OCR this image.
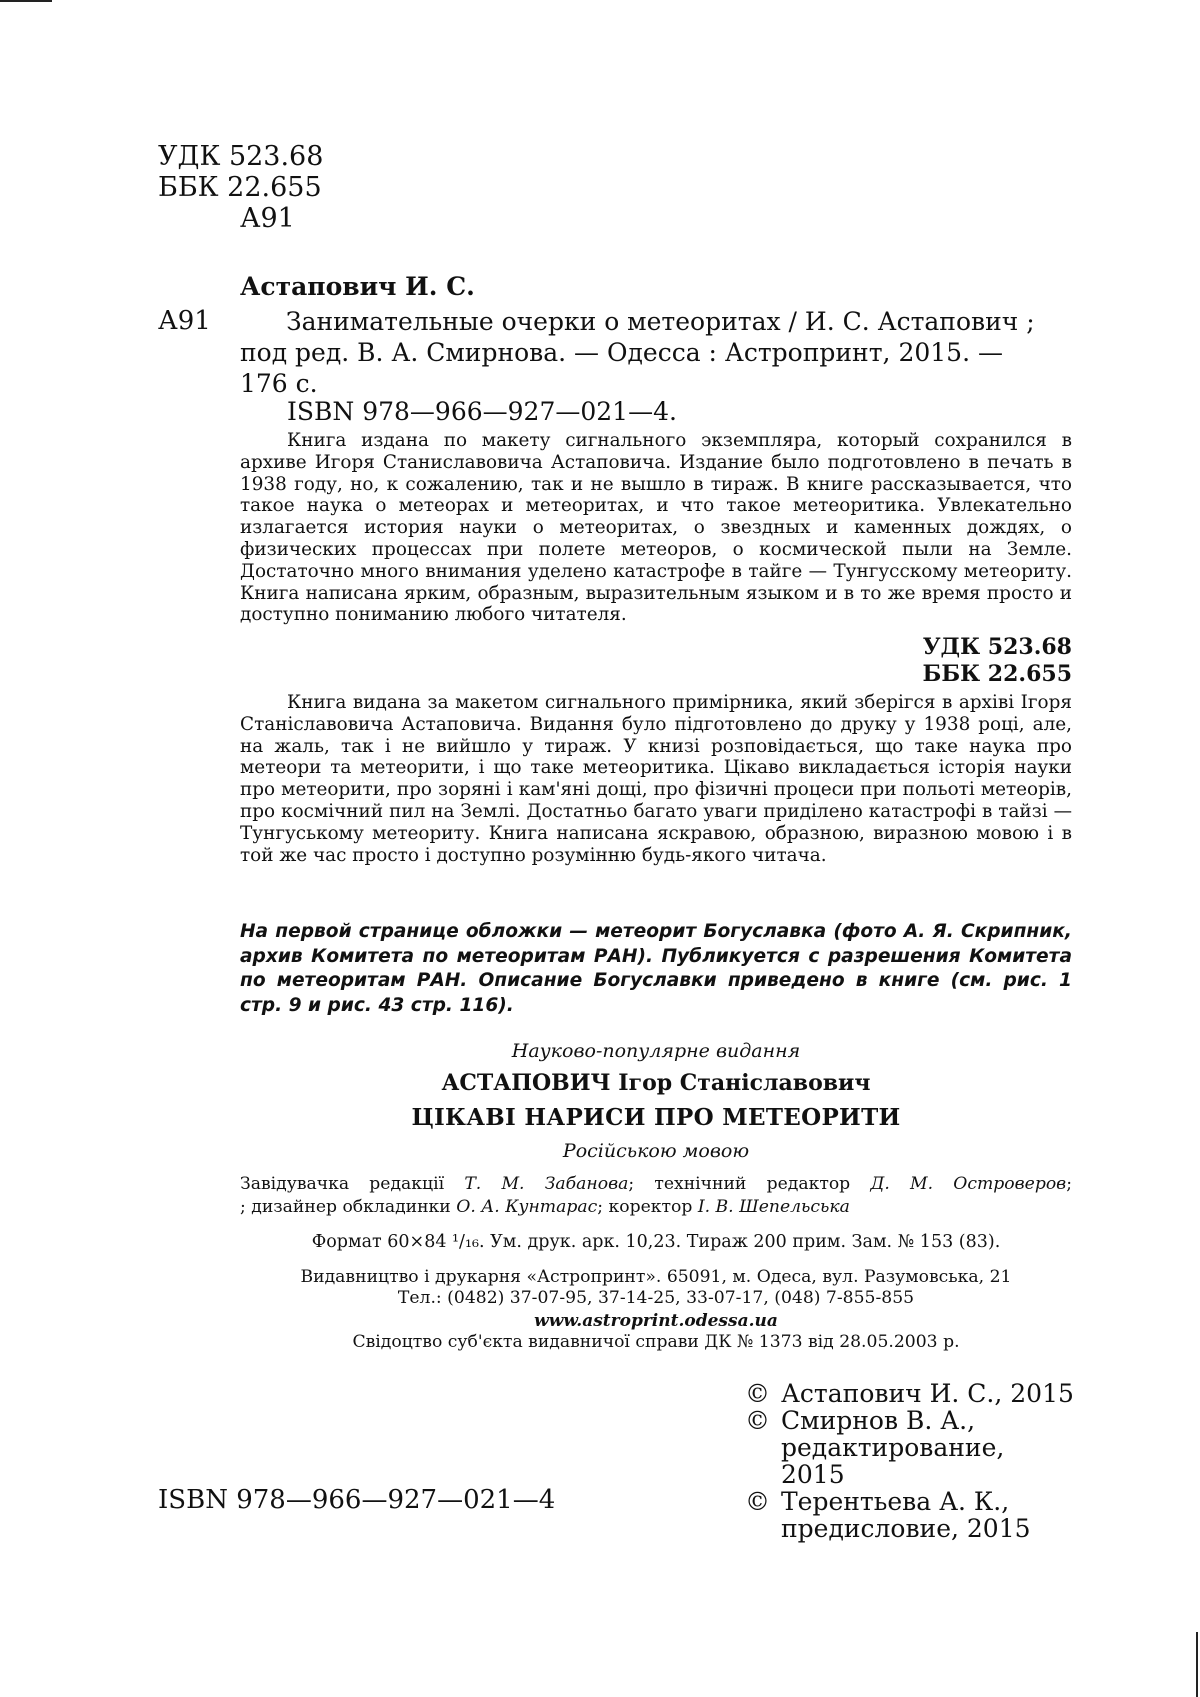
УДК 523.68
ББК 22.655
А91
Астапович И. С.
А91	Занимательные очерки о метеоритах / И. С. Астапович ;
под ред. В. А. Смирнова. — Одесса : Астропринт, 2015. —
176 с.
ISBN 978—966—927—021—4.

Книга издана по макету сигнального экземпляра, который сохранился в архиве Игоря Станиславовича Астаповича. Издание было подготовлено в печать в 1938 году, но, к сожалению, так и не вышло в тираж. В книге рассказывается, что такое наука о метеорах и метеоритах, и что такое метеоритика. Увлекательно излагается история науки о метеоритах, о звездных и каменных дождях, о физических процессах при полете метеоров, о космической пыли на Земле. Достаточно много внимания уделено катастрофе в тайге — Тунгусскому метеориту. Книга написана ярким, образным, выразительным языком и в то же время просто и доступно пониманию любого читателя.

УДК 523.68
ББК 22.655

Книга видана за макетом сигнального примірника, який зберігся в архіві Ігоря Станіславовича Астаповича. Видання було підготовлено до друку у 1938 році, але, на жаль, так і не вийшло у тираж. У книзі розповідається, що таке наука про метеори та метеорити, і що таке метеоритика. Цікаво викладається історія науки про метеорити, про зоряні і кам'яні дощі, про фізичні процеси при польоті метеорів, про космічний пил на Землі. Достатньо багато уваги приділено катастрофі в тайзі — Тунгуському метеориту. Книга написана яскравою, образною, виразною мовою і в той же час просто і доступно розумінню будь-якого читача.

На первой странице обложки — метеорит Богуславка (фото А. Я. Скрипник, архив Комитета по метеоритам РАН). Публикуется с разрешения Комитета по метеоритам РАН. Описание Богуславки приведено в книге (см. рис. 1 стр. 9 и рис. 43 стр. 116).

Науково-популярне видання
АСТАПОВИЧ Ігор Станіславович
ЦІКАВІ НАРИСИ ПРО МЕТЕОРИТИ
Російською мовою
Завідувачка редакції Т. М. Забанова; технічний редактор Д. М. Островеров;
; дизайнер обкладинки О. А. Кунтарас; коректор І. В. Шепельська
Формат 60×84 ¹/₁₆. Ум. друк. арк. 10,23. Тираж 200 прим. Зам. № 153 (83).
Видавництво і друкарня «Астропринт». 65091, м. Одеса, вул. Разумовська, 21
Тел.: (0482) 37-07-95, 37-14-25, 33-07-17, (048) 7-855-855
www.astroprint.odessa.ua
Свідоцтво суб'єкта видавничої справи ДК № 1373 від 28.05.2003 р.
© Астапович И. С., 2015
© Смирнов В. А., редактирование, 2015
© Терентьева А. К., предисловие, 2015
ISBN 978—966—927—021—4
